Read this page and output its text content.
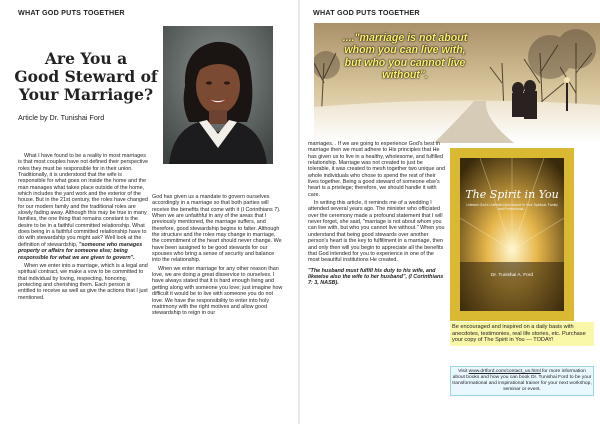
WHAT GOD PUTS TOGETHER
Are You a
Good Steward of
Your Marriage?
Article by Dr. Tunishai Ford

What I have found to be a reality in most marriages is that most couples have not defined their perspective roles they must be responsible for in their union. Traditionally, it is understood that the wife is responsible for what goes on inside the home and the man manages what takes place outside of the home, which includes the yard work and the exterior of the house. But in the 21st century, the roles have changed for our modern family and the traditional roles are slowly fading away. Although this may be true in many families, the one thing that remains constant is the desire to be in a faithful committed relationship. What does being in a faithful committed relationship have to do with stewardship you might ask? Well look at the definition of stewardship, "someone who manages property or affairs for someone else; being responsible for what we are given to govern".

When we enter into a marriage, which is a legal and spiritual contract, we make a vow to be committed to that individual by loving, respecting, honoring, protecting and cherishing them. Each person is entitled to receive as well as give the actions that I just mentioned.

God has given us a mandate to govern ourselves accordingly in a marriage so that both parties will receive the benefits that come with it (I Corinthians 7). When we are unfaithful in any of the areas that I previously mentioned, the marriage suffers, and therefore, good stewardship begins to falter. Although the structure and the roles may change in marriage, the commitment of the heart should never change. We have been assigned to be good stewards for our spouses who bring a sense of security and balance into the relationship.

When we enter marriage for any other reason than love, we are doing a great disservice to ourselves. I have always stated that it is hard enough living and getting along with someone you love; just imagine how difficult it would be to live with someone you do not love. We have the responsibility to enter into holy matrimony with the right motives and allow good stewardship to reign in our

WHAT GOD PUTS TOGETHER
...."marriage is not about whom you can live with, but who you cannot live without".

marriages. . If we are going to experience God's best in marriage then we must adhere to His principles that He has given us to live in a healthy, wholesome, and fulfilled relationship. Marriage was not created to just be tolerable, it was created to mesh together two unique and whole individuals who chose to spend the rest of their lives together. Being a good steward of someone else's heart is a privilege; therefore, we should handle it with care.

In writing this article, it reminds me of a wedding I attended several years ago. The minister who officiated over the ceremony made a profound statement that I will never forget, she said, "marriage is not about whom you can live with, but who you cannot live without." When you understand that being good stewards over another person's heart is the key to fulfillment in a marriage, then and only then will you begin to appreciate all the benefits that God intended for you to experience in one of the most beautiful institutions He created.

"The husband must fulfill his duty to his wife, and likewise also the wife to her husband", (I Corinthians 7: 3, NASB).

The Spirit in You
Unleash God's Unlimited Abundance in Your Spiritual, Family and Professional...
Dr. Tunishai A. Ford
Be encouraged and inspired on a daily basis with anecdotes, testimonies, real life stories, etc. Purchase your copy of The Spirit in You --- TODAY!
Visit www.drtford.com/contact_us.html for more information about books and how you can book Dr. Tunishai Ford to be your transformational and inspirational trainer for your next workshop, seminar or event.
